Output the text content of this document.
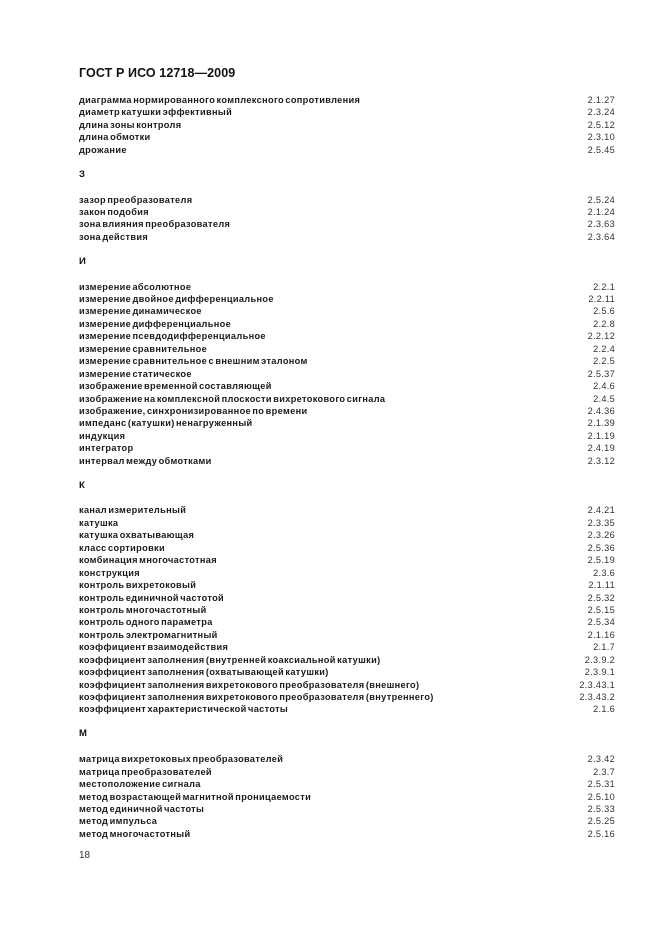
ГОСТ Р ИСО 12718—2009
диаграмма нормированного комплексного сопротивления	2.1.27
диаметр катушки эффективный	2.3.24
длина зоны контроля	2.5.12
длина обмотки	2.3.10
дрожание	2.5.45
З
зазор преобразователя	2.5.24
закон подобия	2.1.24
зона влияния преобразователя	2.3.63
зона действия	2.3.64
И
измерение абсолютное	2.2.1
измерение двойное дифференциальное	2.2.11
измерение динамическое	2.5.6
измерение дифференциальное	2.2.8
измерение псевдодифференциальное	2.2.12
измерение сравнительное	2.2.4
измерение сравнительное с внешним эталоном	2.2.5
измерение статическое	2.5.37
изображение временной составляющей	2.4.6
изображение на комплексной плоскости вихретокового сигнала	2.4.5
изображение, синхронизированное по времени	2.4.36
импеданс (катушки) ненагруженный	2.1.39
индукция	2.1.19
интегратор	2.4.19
интервал между обмотками	2.3.12
К
канал измерительный	2.4.21
катушка	2.3.35
катушка охватывающая	2.3.26
класс сортировки	2.5.36
комбинация многочастотная	2.5.19
конструкция	2.3.6
контроль вихретоковый	2.1.11
контроль единичной частотой	2.5.32
контроль многочастотный	2.5.15
контроль одного параметра	2.5.34
контроль электромагнитный	2.1.16
коэффициент взаимодействия	2.1.7
коэффициент заполнения (внутренней коаксиальной катушки)	2.3.9.2
коэффициент заполнения (охватывающей катушки)	2.3.9.1
коэффициент заполнения вихретокового преобразователя (внешнего)	2.3.43.1
коэффициент заполнения вихретокового преобразователя (внутреннего)	2.3.43.2
коэффициент характеристической частоты	2.1.6
М
матрица вихретоковых преобразователей	2.3.42
матрица преобразователей	2.3.7
местоположение сигнала	2.5.31
метод возрастающей магнитной проницаемости	2.5.10
метод единичной частоты	2.5.33
метод импульса	2.5.25
метод многочастотный	2.5.16
18
